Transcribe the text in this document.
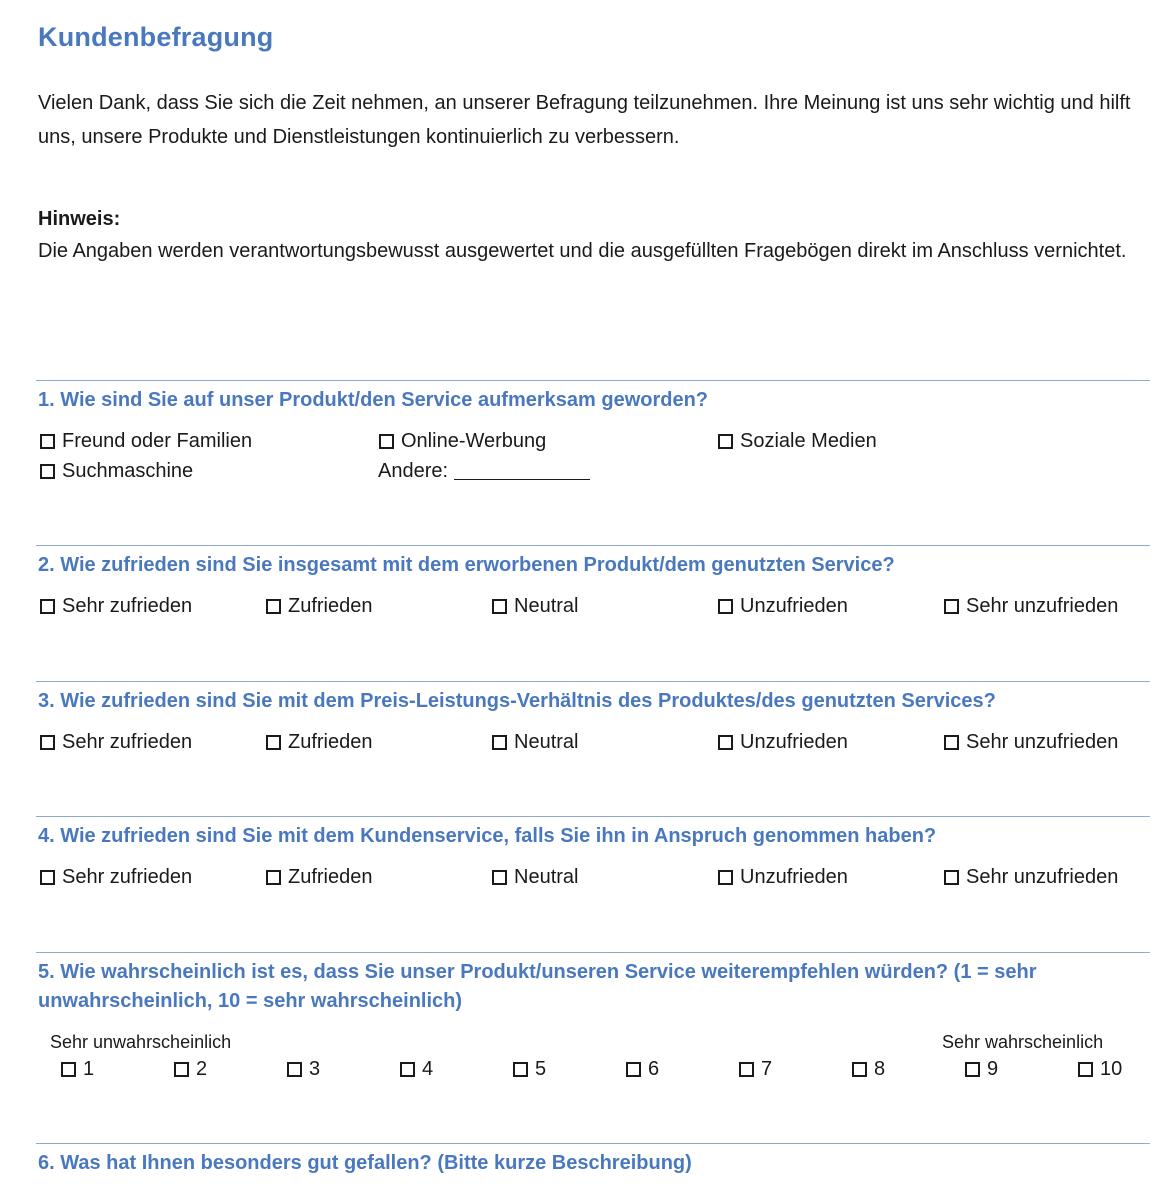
Kundenbefragung
Vielen Dank, dass Sie sich die Zeit nehmen, an unserer Befragung teilzunehmen. Ihre Meinung ist uns sehr wichtig und hilft uns, unsere Produkte und Dienstleistungen kontinuierlich zu verbessern.
Hinweis:
Die Angaben werden verantwortungsbewusst ausgewertet und die ausgefüllten Fragebögen direkt im Anschluss vernichtet.
1. Wie sind Sie auf unser Produkt/den Service aufmerksam geworden?
Freund oder Familien	Online-Werbung	Soziale Medien
Suchmaschine	Andere:
2. Wie zufrieden sind Sie insgesamt mit dem erworbenen Produkt/dem genutzten Service?
Sehr zufrieden	Zufrieden	Neutral	Unzufrieden	Sehr unzufrieden
3. Wie zufrieden sind Sie mit dem Preis-Leistungs-Verhältnis des Produktes/des genutzten Services?
Sehr zufrieden	Zufrieden	Neutral	Unzufrieden	Sehr unzufrieden
4. Wie zufrieden sind Sie mit dem Kundenservice, falls Sie ihn in Anspruch genommen haben?
Sehr zufrieden	Zufrieden	Neutral	Unzufrieden	Sehr unzufrieden
5. Wie wahrscheinlich ist es, dass Sie unser Produkt/unseren Service weiterempfehlen würden? (1 = sehr unwahrscheinlich, 10 = sehr wahrscheinlich)
Sehr unwahrscheinlich	Sehr wahrscheinlich
1	2	3	4	5	6	7	8	9	10
6. Was hat Ihnen besonders gut gefallen? (Bitte kurze Beschreibung)
